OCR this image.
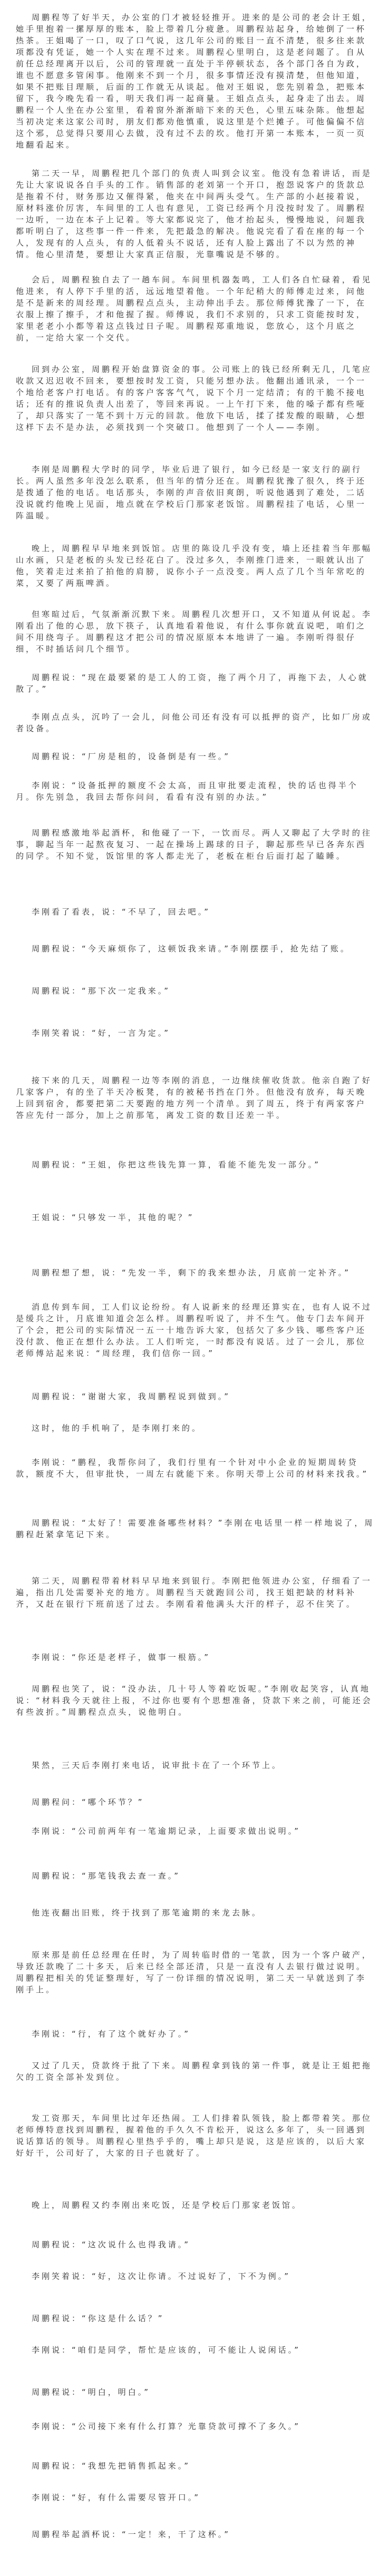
周鹏程等了好半天，办公室的门才被轻轻推开。进来的是公司的老会计王姐，她手里抱着一摞厚厚的账本，脸上带着几分疲惫。周鹏程站起身，给她倒了一杯热茶。王姐喝了一口，叹了口气说，这几年公司的账目一直不清楚，很多往来款项都没有凭证，她一个人实在理不过来。周鹏程心里明白，这是老问题了。自从前任总经理离开以后，公司的管理就一直处于半停顿状态，各个部门各自为政，谁也不愿意多管闲事。他刚来不到一个月，很多事情还没有摸清楚，但他知道，如果不把账目理顺，后面的工作就无从谈起。他对王姐说，您先别着急，把账本留下，我今晚先看一看，明天我们再一起商量。王姐点点头，起身走了出去。周鹏程一个人坐在办公室里，看着窗外渐渐暗下来的天色，心里五味杂陈。他想起当初决定来这家公司时，朋友们都劝他慎重，说这里是个烂摊子。可他偏偏不信这个邪，总觉得只要用心去做，没有过不去的坎。他打开第一本账本，一页一页地翻看起来。

第二天一早，周鹏程把几个部门的负责人叫到会议室。他没有急着讲话，而是先让大家说说各自手头的工作。销售部的老刘第一个开口，抱怨说客户的货款总是拖着不付，财务那边又催得紧，他夹在中间两头受气。生产部的小赵接着说，原材料涨价厉害，车间里的工人也有意见，工资已经两个月没按时发了。周鹏程一边听，一边在本子上记着。等大家都说完了，他才抬起头，慢慢地说，问题我都听明白了，这些事一件一件来，先把最急的解决。他说完看了看在座的每一个人，发现有的人点头，有的人低着头不说话，还有人脸上露出了不以为然的神情。他心里清楚，要想让大家真正信服，光靠嘴说是不够的。

会后，周鹏程独自去了一趟车间。车间里机器轰鸣，工人们各自忙碌着，看见他进来，有人停下手里的活，远远地望着他。一个年纪稍大的师傅走过来，问他是不是新来的周经理。周鹏程点点头，主动伸出手去。那位师傅犹豫了一下，在衣服上擦了擦手，才和他握了握。师傅说，我们不求别的，只求工资能按时发，家里老老小小都等着这点钱过日子呢。周鹏程郑重地说，您放心，这个月底之前，一定给大家一个交代。

回到办公室，周鹏程开始盘算资金的事。公司账上的钱已经所剩无几，几笔应收款又迟迟收不回来，要想按时发工资，只能另想办法。他翻出通讯录，一个一个地给老客户打电话。有的客户客客气气，说下个月一定结清；有的干脆不接电话；还有的推说负责人出差了，等回来再说。一上午打下来，他的嗓子都有些哑了，却只落实了一笔不到十万元的回款。他放下电话，揉了揉发酸的眼睛，心想这样下去不是办法，必须找到一个突破口。他想到了一个人——李刚。

李刚是周鹏程大学时的同学，毕业后进了银行，如今已经是一家支行的副行长。两人虽然多年没怎么联系，但当年的情分还在。周鹏程犹豫了很久，终于还是拨通了他的电话。电话那头，李刚的声音依旧爽朗，听说他遇到了难处，二话没说就约他晚上见面，地点就在学校后门那家老饭馆。周鹏程挂了电话，心里一阵温暖。

晚上，周鹏程早早地来到饭馆。店里的陈设几乎没有变，墙上还挂着当年那幅山水画，只是老板的头发已经花白了。没过多久，李刚推门进来，一眼就认出了他，笑着走过来拍了拍他的肩膀，说你小子一点没变。两人点了几个当年常吃的菜，又要了两瓶啤酒。

但寒暄过后，气氛渐渐沉默下来。周鹏程几次想开口，又不知道从何说起。李刚看出了他的心思，放下筷子，认真地看着他说，有什么事你就直说吧，咱们之间不用绕弯子。周鹏程这才把公司的情况原原本本地讲了一遍。李刚听得很仔细，不时插话问几个细节。

周鹏程说：“现在最要紧的是工人的工资，拖了两个月了，再拖下去，人心就散了。”

李刚点点头，沉吟了一会儿，问他公司还有没有可以抵押的资产，比如厂房或者设备。

周鹏程说：“厂房是租的，设备倒是有一些。”

李刚说：“设备抵押的额度不会太高，而且审批要走流程，快的话也得半个月。你先别急，我回去帮你问问，看看有没有别的办法。”

周鹏程感激地举起酒杯，和他碰了一下，一饮而尽。两人又聊起了大学时的往事，聊起当年一起熬夜复习、一起在操场上踢球的日子，聊起那些早已各奔东西的同学。不知不觉，饭馆里的客人都走光了，老板在柜台后面打起了瞌睡。

李刚看了看表，说：“不早了，回去吧。”

周鹏程说：“今天麻烦你了，这顿饭我来请。”李刚摆摆手，抢先结了账。

周鹏程说：“那下次一定我来。”

李刚笑着说：“好，一言为定。”

接下来的几天，周鹏程一边等李刚的消息，一边继续催收货款。他亲自跑了好几家客户，有的坐了半天冷板凳，有的被秘书挡在门外。但他没有放弃，每天晚上回到宿舍，都要把第二天要跑的地方列一个清单。到了周五，终于有两家客户答应先付一部分，加上之前那笔，离发工资的数目还差一半。

周鹏程说：“王姐，你把这些钱先算一算，看能不能先发一部分。”

王姐说：“只够发一半，其他的呢？”

周鹏程想了想，说：“先发一半，剩下的我来想办法，月底前一定补齐。”

消息传到车间，工人们议论纷纷。有人说新来的经理还算实在，也有人说不过是缓兵之计，月底谁知道会怎么样。周鹏程听说了，并不生气。他专门去车间开了个会，把公司的实际情况一五一十地告诉大家，包括欠了多少钱、哪些客户还没付款、他正在想什么办法。工人们听完，一时都没有说话。过了一会儿，那位老师傅站起来说：“周经理，我们信你一回。”

周鹏程说：“谢谢大家，我周鹏程说到做到。”

这时，他的手机响了，是李刚打来的。

李刚说：“鹏程，我帮你问了，我们行里有一个针对中小企业的短期周转贷款，额度不大，但审批快，一周左右就能下来。你明天带上公司的材料来找我。”

周鹏程说：“太好了！需要准备哪些材料？”李刚在电话里一样一样地说了，周鹏程赶紧拿笔记下来。

第二天，周鹏程带着材料早早地来到银行。李刚把他领进办公室，仔细看了一遍，指出几处需要补充的地方。周鹏程当天就跑回公司，找王姐把缺的材料补齐，又赶在银行下班前送了过去。李刚看着他满头大汗的样子，忍不住笑了。

李刚说：“你还是老样子，做事一根筋。”

周鹏程也笑了，说：“没办法，几十号人等着吃饭呢。”李刚收起笑容，认真地说：“材料我今天就往上报，不过你也要有个思想准备，贷款下来之前，可能还会有些波折。”周鹏程点点头，说他明白。

果然，三天后李刚打来电话，说审批卡在了一个环节上。

周鹏程问：“哪个环节？”

李刚说：“公司前两年有一笔逾期记录，上面要求做出说明。”

周鹏程说：“那笔钱我去查一查。”

他连夜翻出旧账，终于找到了那笔逾期的来龙去脉。

原来那是前任总经理在任时，为了周转临时借的一笔款，因为一个客户破产，导致还款晚了二十多天，后来已经全部还清，只是一直没有人去银行做过说明。周鹏程把相关的凭证整理好，写了一份详细的情况说明，第二天一早就送到了李刚手上。

李刚说：“行，有了这个就好办了。”

又过了几天，贷款终于批了下来。周鹏程拿到钱的第一件事，就是让王姐把拖欠的工资全部补发到位。

发工资那天，车间里比过年还热闹。工人们排着队领钱，脸上都带着笑。那位老师傅特意找到周鹏程，握着他的手久久不肯松开，说这么多年了，头一回遇到说话算话的领导。周鹏程心里热乎乎的，嘴上却只是说，这是应该的，以后大家好好干，公司好了，大家的日子也就好了。

晚上，周鹏程又约李刚出来吃饭，还是学校后门那家老饭馆。

周鹏程说：“这次说什么也得我请。”

李刚笑着说：“好，这次让你请。不过说好了，下不为例。”

周鹏程说：“你这是什么话？”

李刚说：“咱们是同学，帮忙是应该的，可不能让人说闲话。”

周鹏程说：“明白，明白。”

李刚说：“公司接下来有什么打算？光靠贷款可撑不了多久。”

周鹏程说：“我想先把销售抓起来。”

李刚说：“好，有什么需要尽管开口。”

周鹏程举起酒杯说：“一定！来，干了这杯。”
